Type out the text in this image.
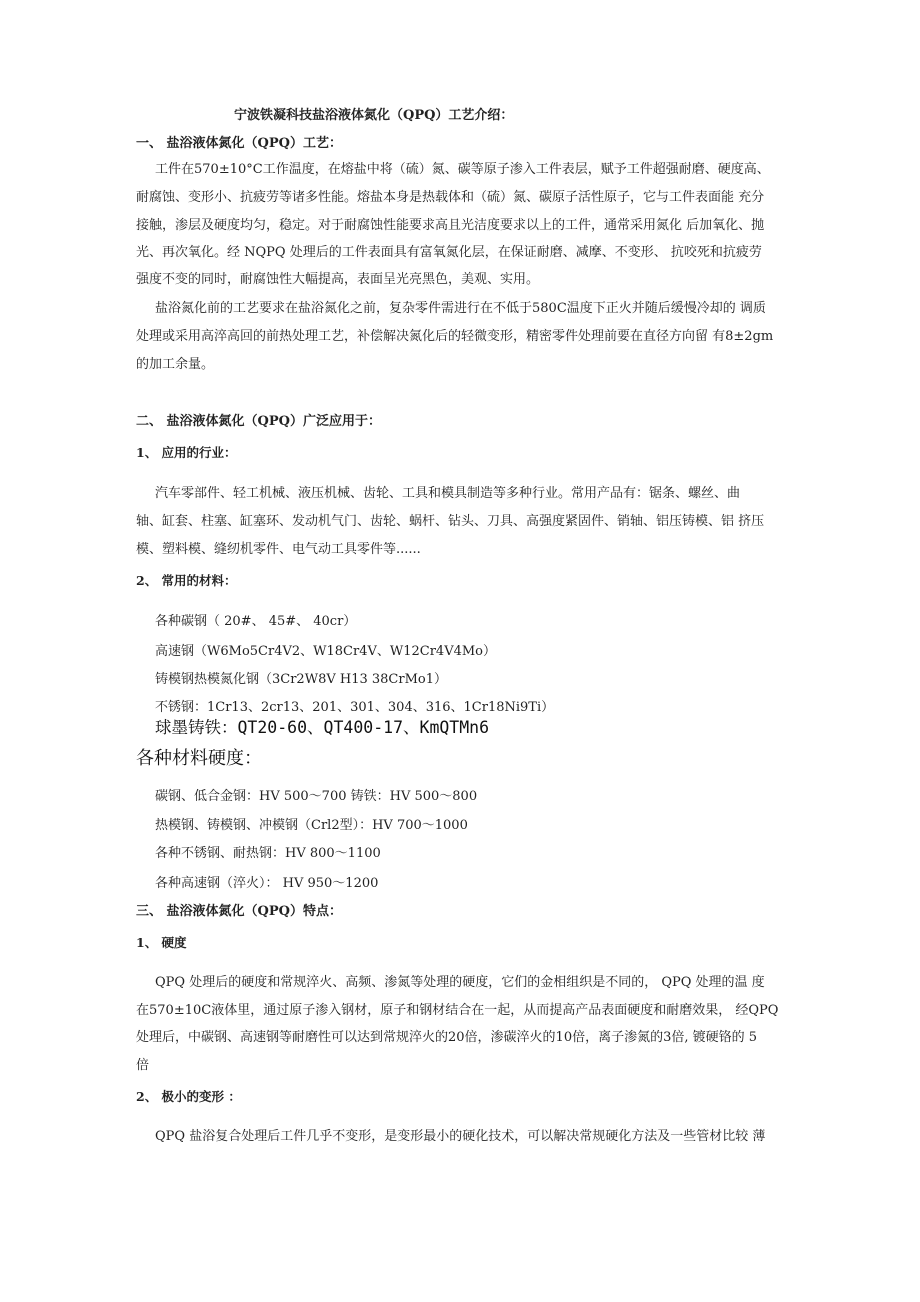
宁波铁凝科技盐浴液体氮化（QPQ）工艺介绍：
一、 盐浴液体氮化（QPQ）工艺：
工件在570±10°C工作温度，在熔盐中将（硫）氮、碳等原子渗入工件表层，赋予工件超强耐磨、硬度高、
耐腐蚀、变形小、抗疲劳等诸多性能。熔盐本身是热载体和（硫）氮、碳原子活性原子，它与工件表面能 充分
接触，渗层及硬度均匀，稳定。对于耐腐蚀性能要求高且光洁度要求以上的工件，通常采用氮化 后加氧化、抛
光、再次氧化。经 NQPQ 处理后的工件表面具有富氧氮化层，在保证耐磨、减摩、不变形、 抗咬死和抗疲劳
强度不变的同时，耐腐蚀性大幅提高，表面呈光亮黑色，美观、实用。
盐浴氮化前的工艺要求在盐浴氮化之前，复杂零件需进行在不低于580C温度下正火并随后缓慢冷却的 调质
处理或采用高淬高回的前热处理工艺，补偿解决氮化后的轻微变形，精密零件处理前要在直径方向留 有8±2gm
的加工余量。
二、 盐浴液体氮化（QPQ）广泛应用于：
1、 应用的行业：
汽车零部件、轻工机械、液压机械、齿轮、工具和模具制造等多种行业。常用产品有：锯条、螺丝、曲
轴、缸套、柱塞、缸塞环、发动机气门、齿轮、蜗杆、钻头、刀具、高强度紧固件、销轴、铝压铸模、铝 挤压
模、塑料模、缝纫机零件、电气动工具零件等......
2、 常用的材料：
各种碳钢（ 20#、 45#、 40cr）
高速钢（W6Mo5Cr4V2、W18Cr4V、W12Cr4V4Mo）
铸模钢热模氮化钢（3Cr2W8V H13 38CrMo1）
不锈钢：1Cr13、2cr13、201、301、304、316、1Cr18Ni9Ti）
球墨铸铁：QT20-60、QT400-17、KmQTMn6
各种材料硬度：
碳钢、低合金钢：HV 500～700 铸铁：HV 500～800
热模钢、铸模钢、冲模钢（Crl2型）：HV 700～1000
各种不锈钢、耐热钢：HV 800～1100
各种高速钢（淬火）： HV 950～1200
三、 盐浴液体氮化（QPQ）特点：
1、 硬度
QPQ 处理后的硬度和常规淬火、高频、渗氮等处理的硬度，它们的金相组织是不同的， QPQ 处理的温 度
在570±10C液体里，通过原子渗入钢材，原子和钢材结合在一起，从而提高产品表面硬度和耐磨效果， 经QPQ
处理后，中碳钢、高速钢等耐磨性可以达到常规淬火的20倍，渗碳淬火的10倍，离子渗氮的3倍, 镀硬铬的 5
倍
2、 极小的变形 ：
QPQ 盐浴复合处理后工件几乎不变形，是变形最小的硬化技术，可以解决常规硬化方法及一些管材比较 薄
